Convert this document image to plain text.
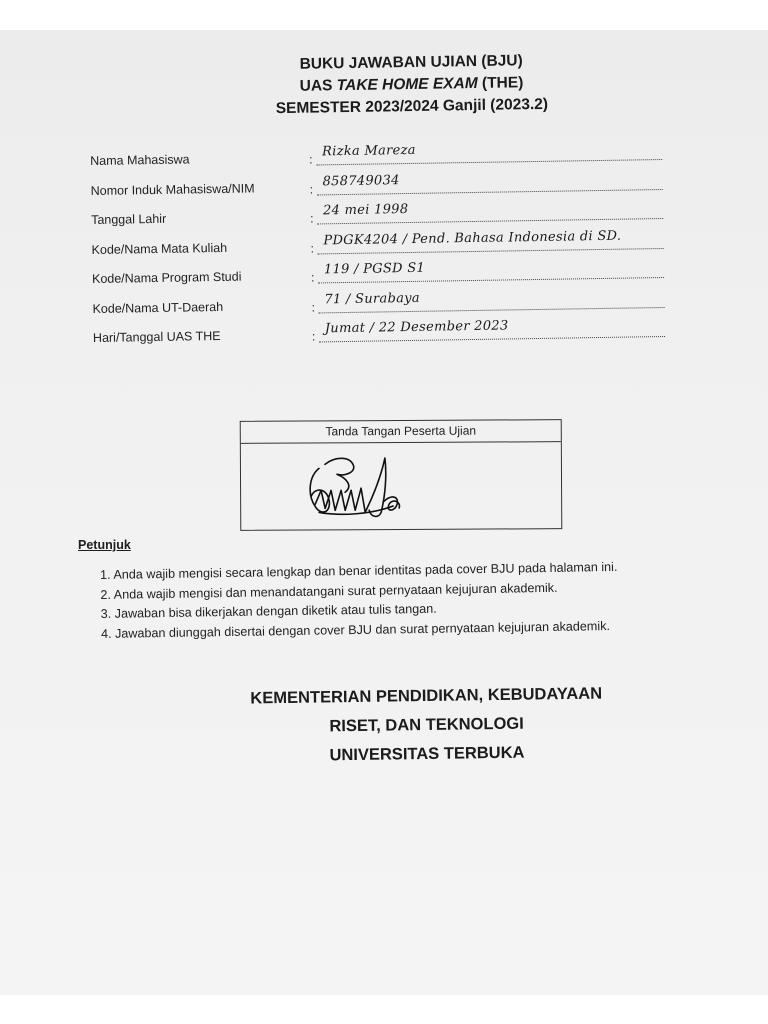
BUKU JAWABAN UJIAN (BJU)
UAS TAKE HOME EXAM (THE)
SEMESTER 2023/2024 Ganjil (2023.2)
Nama Mahasiswa	:
Rizka Mareza
Nomor Induk Mahasiswa/NIM	:
858749034
Tanggal Lahir	:
24 mei 1998
Kode/Nama Mata Kuliah	:
PDGK4204 / Pend. Bahasa Indonesia di SD.
Kode/Nama Program Studi	:
119 / PGSD S1
Kode/Nama UT-Daerah	:
71 / Surabaya
Hari/Tanggal UAS THE	:
Jumat / 22 Desember 2023
Tanda Tangan Peserta Ujian
Petunjuk
1. Anda wajib mengisi secara lengkap dan benar identitas pada cover BJU pada halaman ini.
2. Anda wajib mengisi dan menandatangani surat pernyataan kejujuran akademik.
3. Jawaban bisa dikerjakan dengan diketik atau tulis tangan.
4. Jawaban diunggah disertai dengan cover BJU dan surat pernyataan kejujuran akademik.
KEMENTERIAN PENDIDIKAN, KEBUDAYAAN
RISET, DAN TEKNOLOGI
UNIVERSITAS TERBUKA
